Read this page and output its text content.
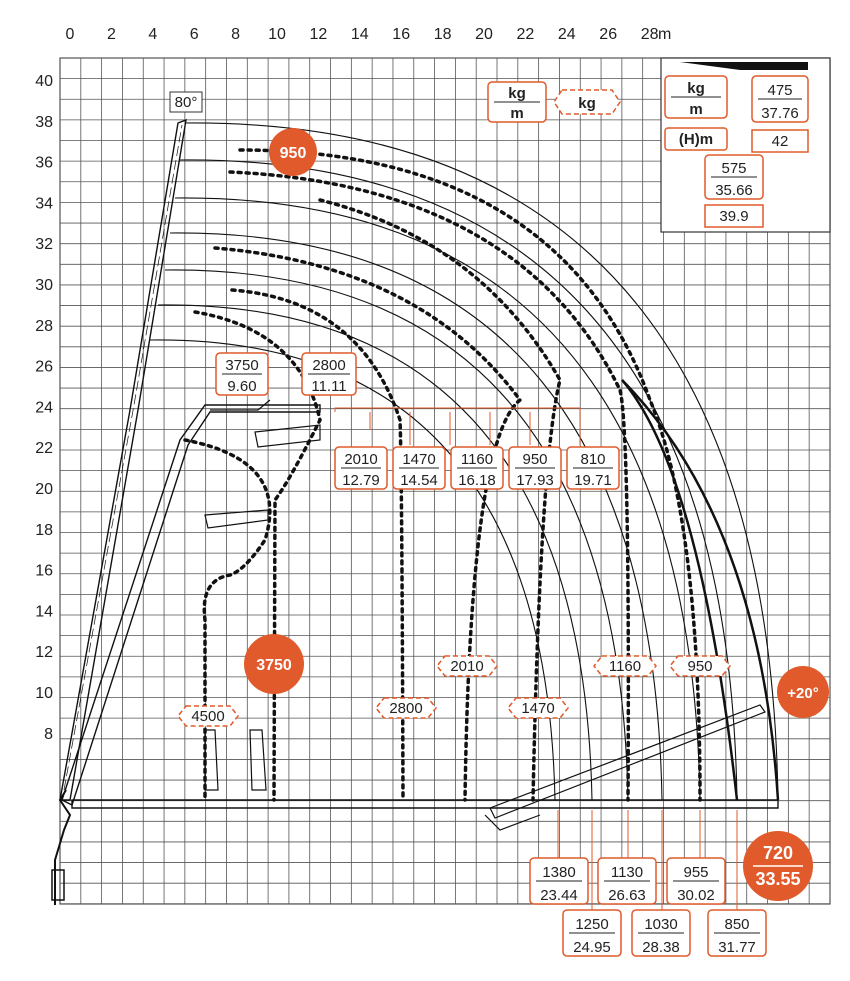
0 2 4 6 8 10 12 14 16 18 20 22 24 26 28 m
8
10
12
14
16
18
20
22
24
26
28
30
32
34
36
38
40
80°
kg
m
kg
kg
m
(H)m
475
37.76
42
575
35.66
39.9
3750
9.60
2800
11.11
2010
12.79
1470
14.54
1160
16.18
950
17.93
810
19.71
1380
23.44
1130
26.63
955
30.02
1250
24.95
1030
28.38
850
31.77
4500	2800	1470
2010	1160	950
950
3750
+20°
720
33.55
